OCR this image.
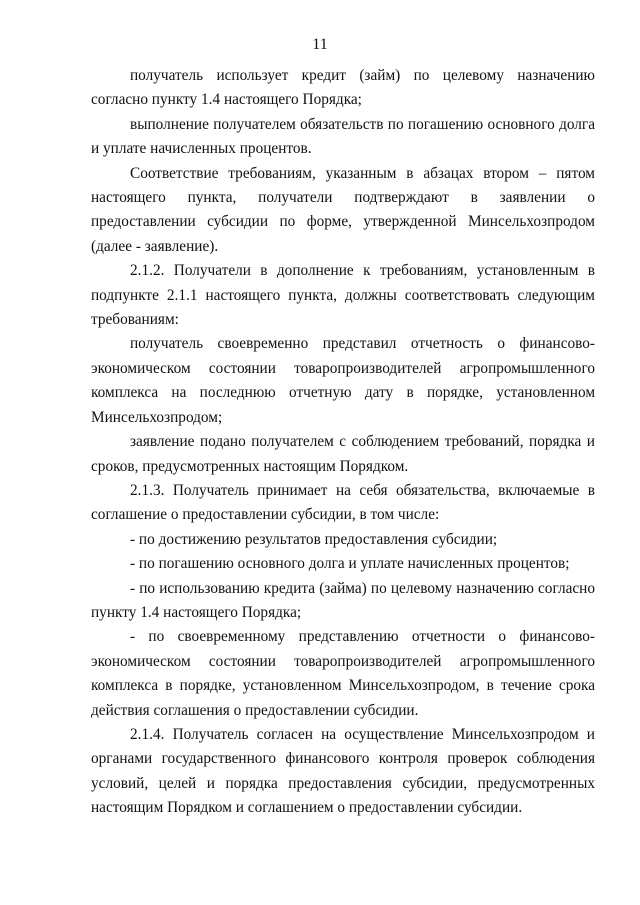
11

получатель использует кредит (займ) по целевому назначению согласно пункту 1.4 настоящего Порядка;

выполнение получателем обязательств по погашению основного долга и уплате начисленных процентов.

Соответствие требованиям, указанным в абзацах втором – пятом настоящего пункта, получатели подтверждают в заявлении о предоставлении субсидии по форме, утвержденной Минсельхозпродом (далее - заявление).

2.1.2. Получатели в дополнение к требованиям, установленным в подпункте 2.1.1 настоящего пункта, должны соответствовать следующим требованиям:

получатель своевременно представил отчетность о финансово-экономическом состоянии товаропроизводителей агропромышленного комплекса на последнюю отчетную дату в порядке, установленном Минсельхозпродом;

заявление подано получателем с соблюдением требований, порядка и сроков, предусмотренных настоящим Порядком.

2.1.3. Получатель принимает на себя обязательства, включаемые в соглашение о предоставлении субсидии, в том числе:

- по достижению результатов предоставления субсидии;

- по погашению основного долга и уплате начисленных процентов;

- по использованию кредита (займа) по целевому назначению согласно пункту 1.4 настоящего Порядка;

- по своевременному представлению отчетности о финансово-экономическом состоянии товаропроизводителей агропромышленного комплекса в порядке, установленном Минсельхозпродом, в течение срока действия соглашения о предоставлении субсидии.

2.1.4. Получатель согласен на осуществление Минсельхозпродом и органами государственного финансового контроля проверок соблюдения условий, целей и порядка предоставления субсидии, предусмотренных настоящим Порядком и соглашением о предоставлении субсидии.
